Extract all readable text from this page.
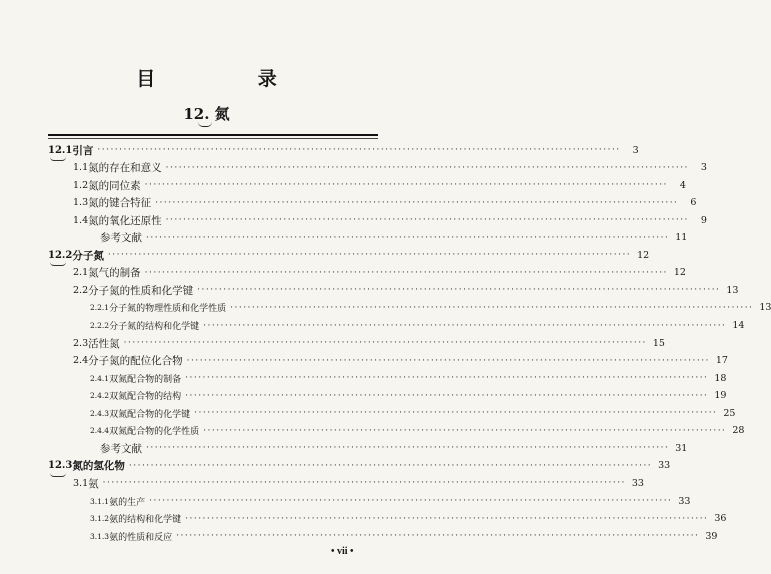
目 录
12. 氮
12.1 引言 ························································································································	3
1.1 氮的存在和意义 ························································································································	3
1.2 氮的同位素 ························································································································	4
1.3 氮的键合特征 ························································································································	6
1.4 氮的氧化还原性 ························································································································	9
参考文献 ························································································································ 11
12.2 分子氮 ························································································································ 12
2.1 氮气的制备 ························································································································ 12
2.2 分子氮的性质和化学键 ························································································································ 13
2.2.1 分子氮的物理性质和化学性质 ························································································································ 13
2.2.2 分子氮的结构和化学键 ························································································································ 14
2.3 活性氮 ························································································································ 15
2.4 分子氮的配位化合物 ························································································································ 17
2.4.1 双氮配合物的制备 ························································································································ 18
2.4.2 双氮配合物的结构 ························································································································ 19
2.4.3 双氮配合物的化学键 ························································································································ 25
2.4.4 双氮配合物的化学性质 ························································································································ 28
参考文献 ························································································································ 31
12.3 氮的氢化物 ························································································································ 33
3.1 氨 ························································································································ 33
3.1.1 氨的生产 ························································································································ 33
3.1.2 氨的结构和化学键 ························································································································ 36
3.1.3 氨的性质和反应 ························································································································ 39
• vii •
